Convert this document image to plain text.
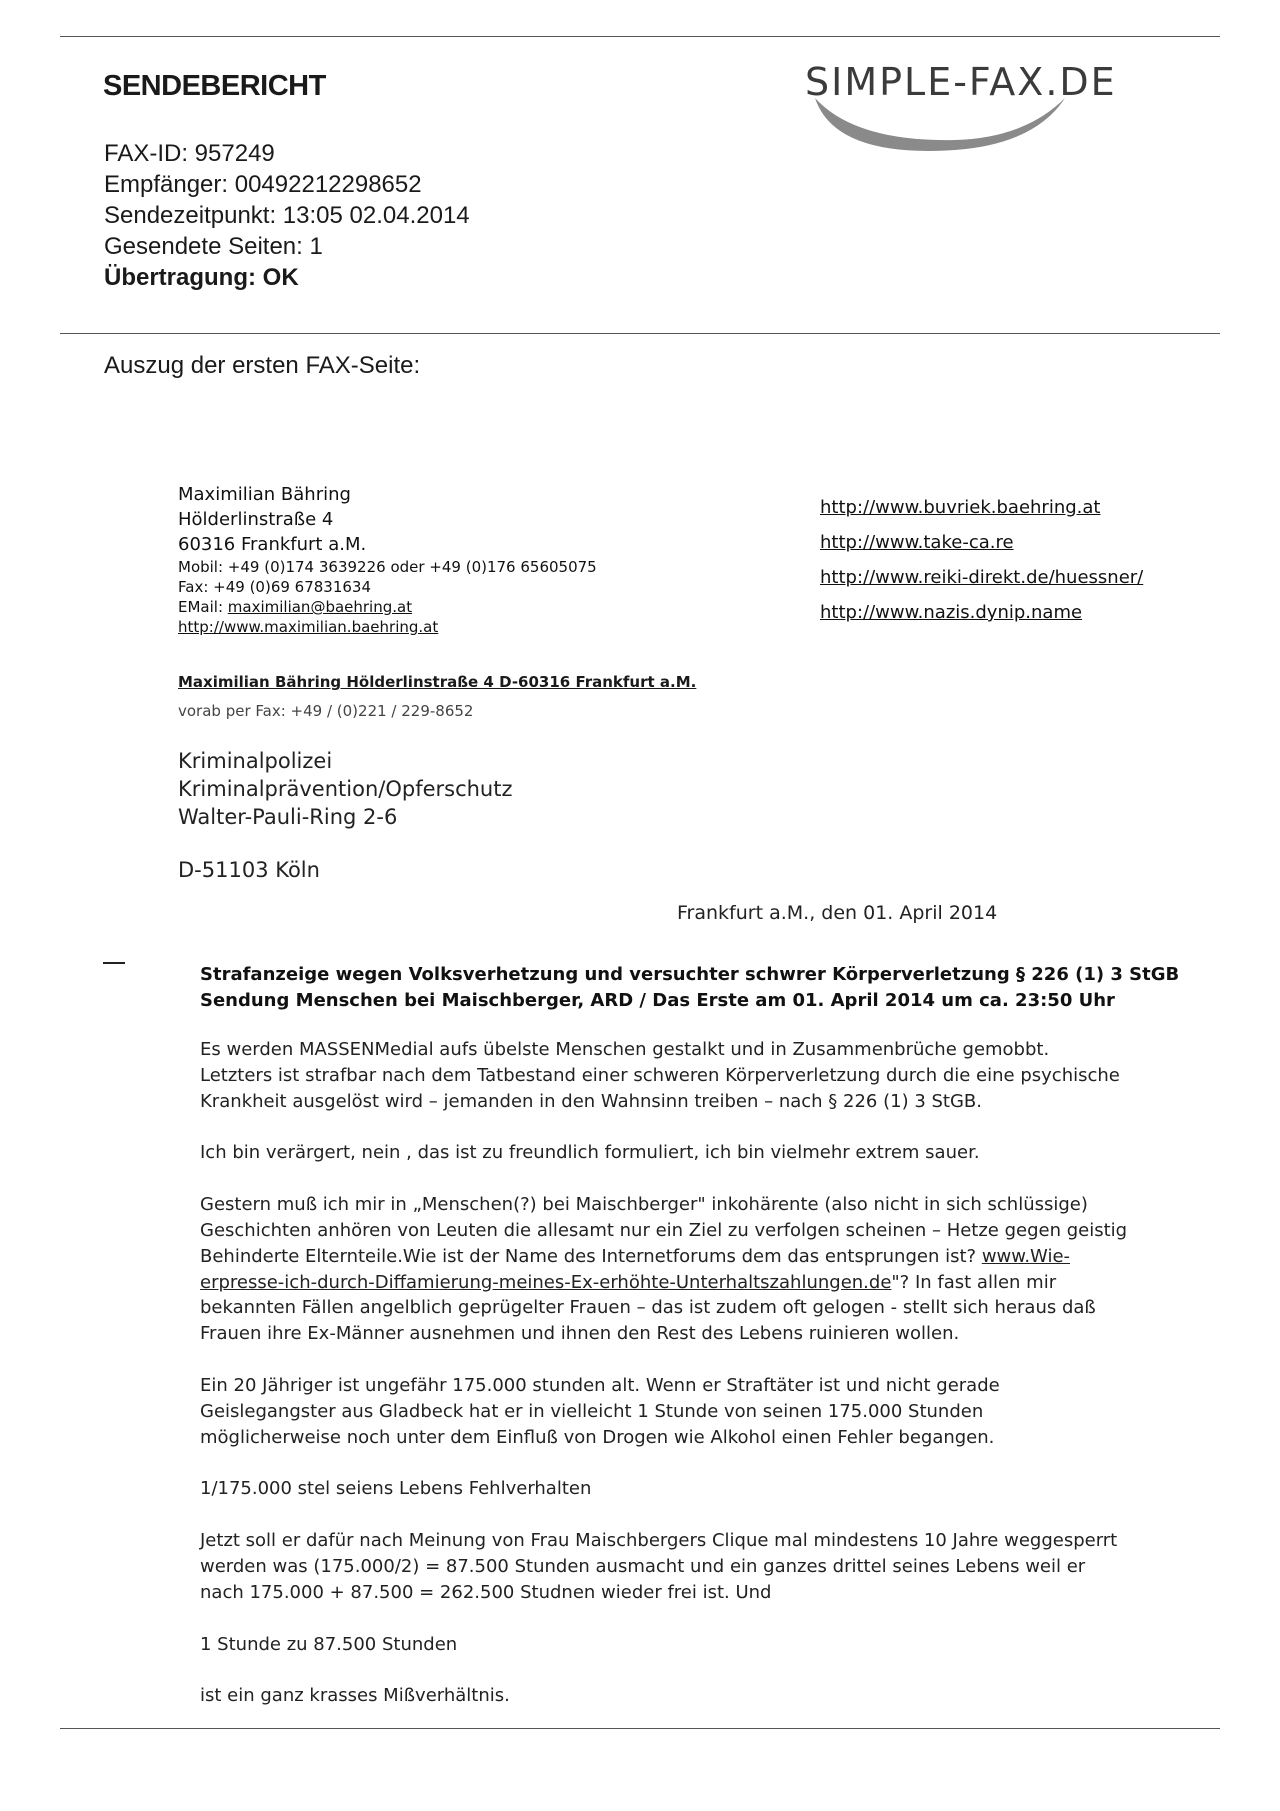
SENDEBERICHT	SIMPLE-FAX.DE
FAX-ID: 957249
Empfänger: 00492212298652
Sendezeitpunkt: 13:05 02.04.2014
Gesendete Seiten: 1
Übertragung: OK
Auszug der ersten FAX-Seite:
Maximilian Bähring
Hölderlinstraße 4
60316 Frankfurt a.M.
Mobil: +49 (0)174 3639226 oder +49 (0)176 65605075
Fax: +49 (0)69 67831634
EMail: maximilian@baehring.at
http://www.maximilian.baehring.at
http://www.buvriek.baehring.at
http://www.take-ca.re
http://www.reiki-direkt.de/huessner/
http://www.nazis.dynip.name
Maximilian Bähring Hölderlinstraße 4 D-60316 Frankfurt a.M.
vorab per Fax: +49 / (0)221 / 229-8652
Kriminalpolizei
Kriminalprävention/Opferschutz
Walter-Pauli-Ring 2-6
D-51103 Köln
Frankfurt a.M., den 01. April 2014
Strafanzeige wegen Volksverhetzung und versuchter schwrer Körperverletzung § 226 (1) 3 StGB
Sendung Menschen bei Maischberger, ARD / Das Erste am 01. April 2014 um ca. 23:50 Uhr

Es werden MASSENMedial aufs übelste Menschen gestalkt und in Zusammenbrüche gemobbt.
Letzters ist strafbar nach dem Tatbestand einer schweren Körperverletzung durch die eine psychische
Krankheit ausgelöst wird – jemanden in den Wahnsinn treiben – nach § 226 (1) 3 StGB.

Ich bin verärgert, nein , das ist zu freundlich formuliert, ich bin vielmehr extrem sauer.

Gestern muß ich mir in „Menschen(?) bei Maischberger" inkohärente (also nicht in sich schlüssige)
Geschichten anhören von Leuten die allesamt nur ein Ziel zu verfolgen scheinen – Hetze gegen geistig
Behinderte Elternteile.Wie ist der Name des Internetforums dem das entsprungen ist? www.Wie-
erpresse-ich-durch-Diffamierung-meines-Ex-erhöhte-Unterhaltszahlungen.de"? In fast allen mir
bekannten Fällen angelblich geprügelter Frauen – das ist zudem oft gelogen - stellt sich heraus daß
Frauen ihre Ex-Männer ausnehmen und ihnen den Rest des Lebens ruinieren wollen.

Ein 20 Jähriger ist ungefähr 175.000 stunden alt. Wenn er Straftäter ist und nicht gerade
Geislegangster aus Gladbeck hat er in vielleicht 1 Stunde von seinen 175.000 Stunden
möglicherweise noch unter dem Einfluß von Drogen wie Alkohol einen Fehler begangen.

1/175.000 stel seiens Lebens Fehlverhalten

Jetzt soll er dafür nach Meinung von Frau Maischbergers Clique mal mindestens 10 Jahre weggesperrt
werden was (175.000/2) = 87.500 Stunden ausmacht und ein ganzes drittel seines Lebens weil er
nach 175.000 + 87.500 = 262.500 Studnen wieder frei ist. Und

1 Stunde zu 87.500 Stunden

ist ein ganz krasses Mißverhältnis.
